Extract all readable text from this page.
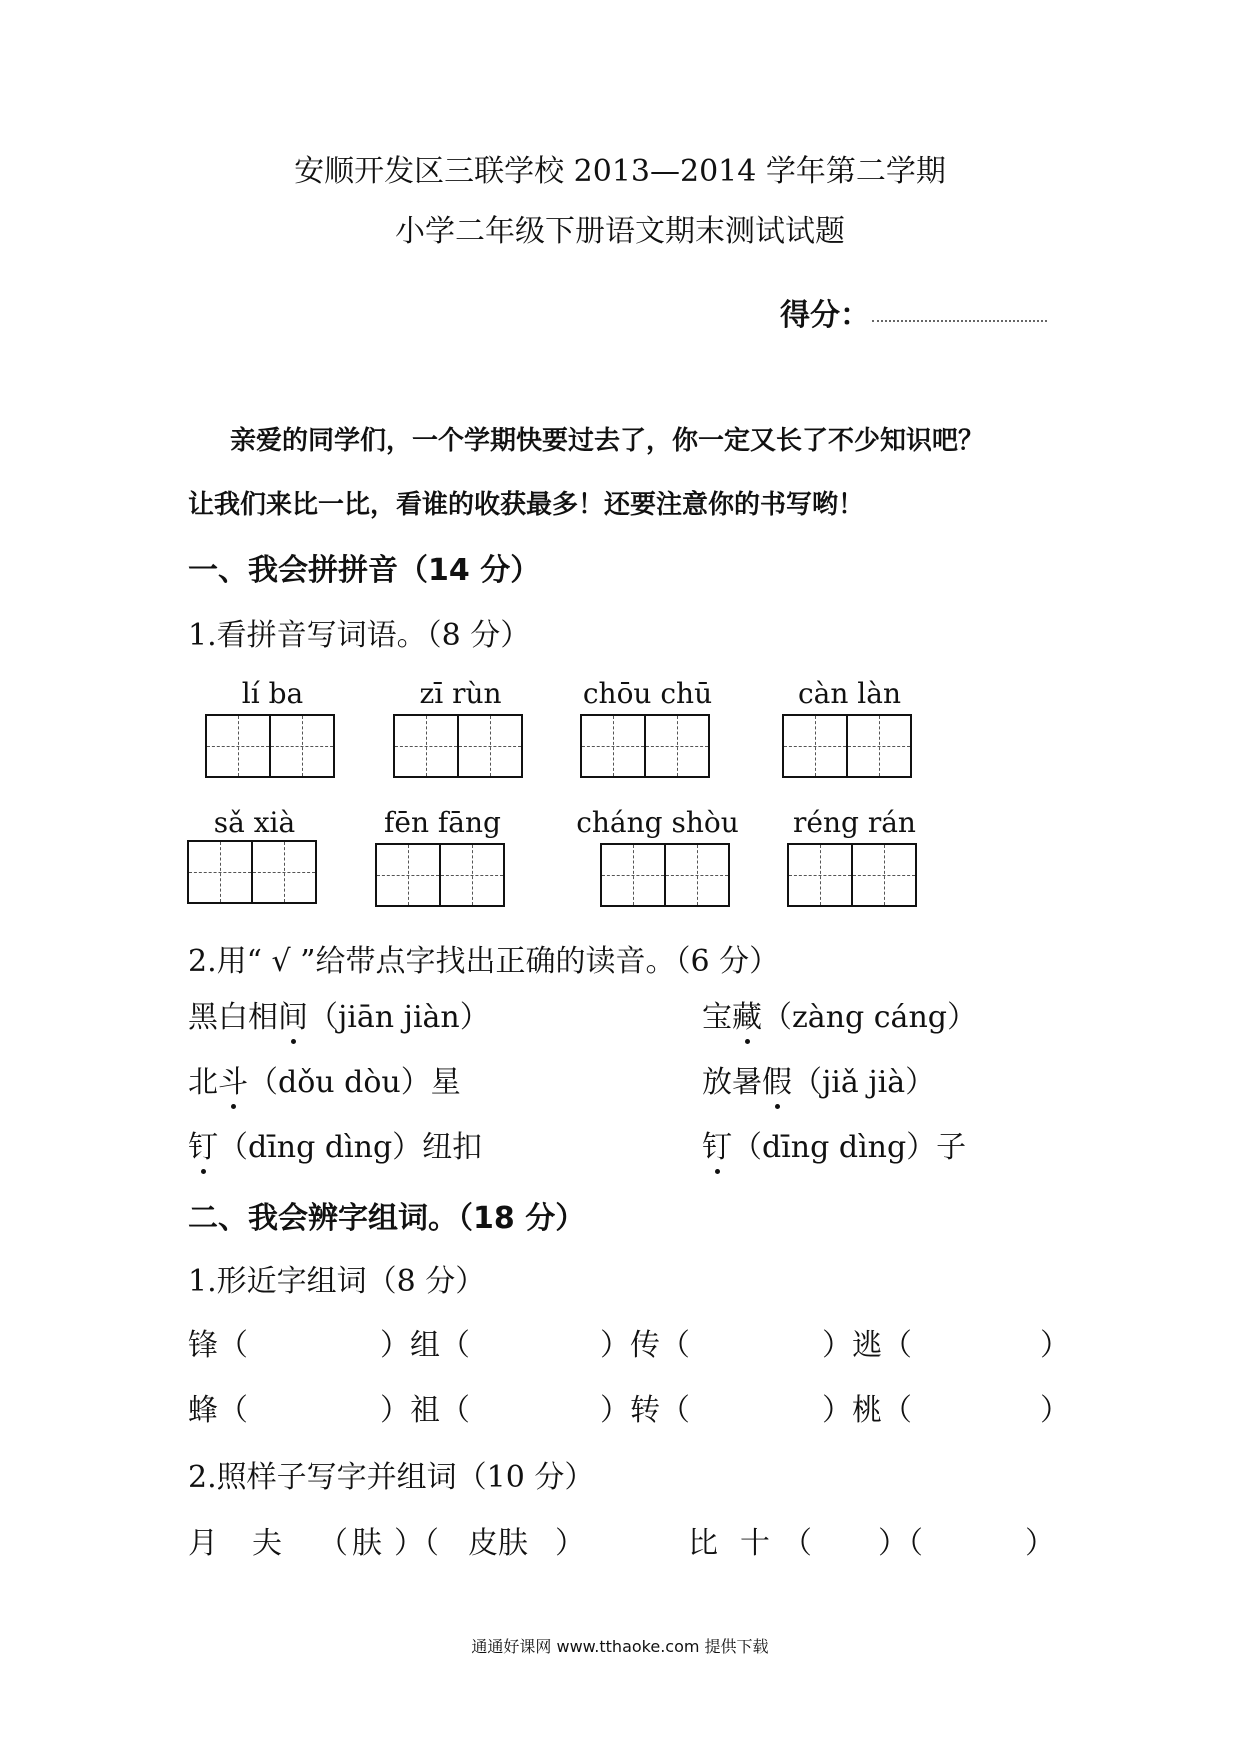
安顺开发区三联学校 2013—2014 学年第二学期
小学二年级下册语文期末测试试题
得分：
亲爱的同学们，一个学期快要过去了，你一定又长了不少知识吧？
让我们来比一比，看谁的收获最多！还要注意你的书写哟！
一、我会拼拼音（14 分）
1.看拼音写词语。（8 分）
lí ba	zī rùn	chōu chū	càn làn
sǎ xià	fēn fāng	cháng shòu	réng rán
2.用“ √ ”给带点字找出正确的读音。（6 分）
黑白相间（jiān jiàn）	宝藏（zàng cáng）
北斗（dǒu dòu）星	放暑假（jiǎ jià）
钉（dīng dìng）纽扣	钉（dīng dìng）子
二、我会辨字组词。（18 分）
1.形近字组词（8 分）
锋（	）组（	）传（	）逃（	）
蜂（	）祖（	）转（	）桃（	）
2.照样子写字并组词（10 分）
月 夫 （ 肤 ）（ 皮肤 ）	比 十 （ ）（	）
通通好课网 www.tthaoke.com 提供下载
